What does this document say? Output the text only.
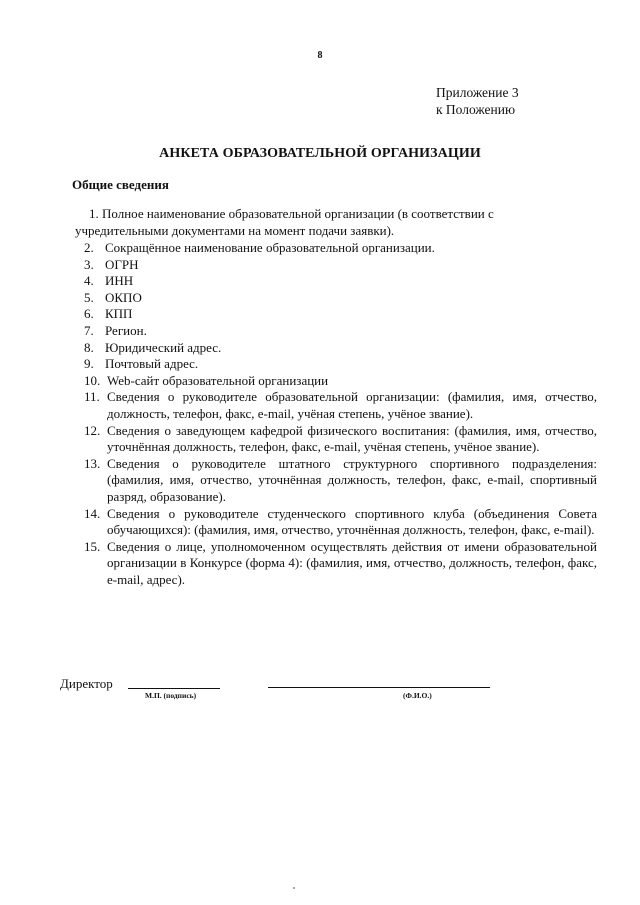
8
Приложение 3
к Положению
АНКЕТА ОБРАЗОВАТЕЛЬНОЙ ОРГАНИЗАЦИИ
Общие сведения
1. Полное наименование образовательной организации (в соответствии с
учредительными документами на момент подачи заявки).
2. Сокращённое наименование образовательной организации.
3. ОГРН
4. ИНН
5. ОКПО
6. КПП
7. Регион.
8. Юридический адрес.
9. Почтовый адрес.
10. Web-сайт образовательной организации
11. Сведения о руководителе образовательной организации: (фамилия, имя, отчество, должность, телефон, факс, e-mail, учёная степень, учёное звание).
12. Сведения о заведующем кафедрой физического воспитания: (фамилия, имя, отчество, уточнённая должность, телефон, факс, e-mail, учёная степень, учёное звание).
13. Сведения о руководителе штатного структурного спортивного подразделения: (фамилия, имя, отчество, уточнённая должность, телефон, факс, e-mail, спортивный разряд, образование).
14. Сведения о руководителе студенческого спортивного клуба (объединения Совета обучающихся): (фамилия, имя, отчество, уточнённая должность, телефон, факс, e-mail).
15. Сведения о лице, уполномоченном осуществлять действия от имени образовательной организации в Конкурсе (форма 4): (фамилия, имя, отчество, должность, телефон, факс, e-mail, адрес).
Директор
М.П. (подпись)	(Ф.И.О.)
